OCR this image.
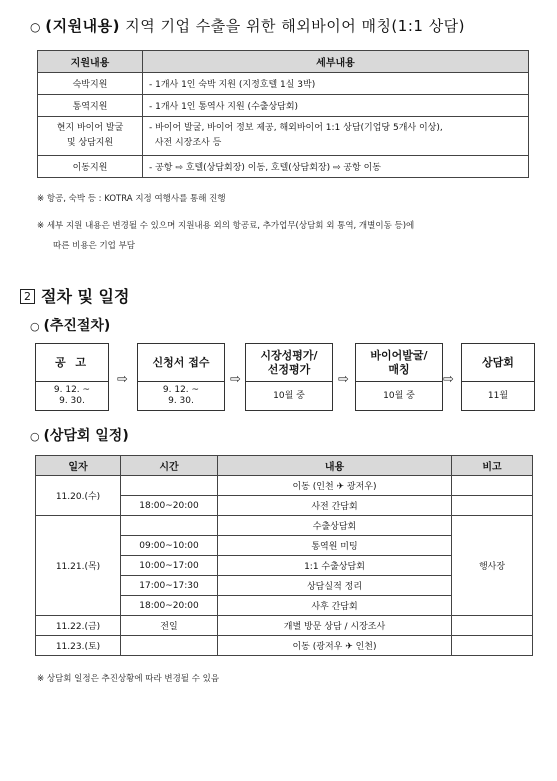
○ (지원내용) 지역 기업 수출을 위한 해외바이어 매칭(1:1 상담)
지원내용	세부내용
숙박지원	- 1개사 1인 숙박 지원 (지정호텔 1실 3박)
통역지원	- 1개사 1인 통역사 지원 (수출상담회)
현지 바이어 발굴
및 상담지원	- 바이어 발굴, 바이어 정보 제공, 해외바이어 1:1 상담(기업당 5개사 이상),
사전 시장조사 등
이동지원	- 공항 ⇨ 호텔(상담회장) 이동, 호텔(상담회장) ⇨ 공항 이동
※ 항공, 숙박 등 : KOTRA 지정 여행사를 통해 진행
※ 세부 지원 내용은 변경될 수 있으며 지원내용 외의 항공료, 추가업무(상담회 외 통역, 개별이동 등)에
따른 비용은 기업 부담
2 절차 및 일정
○ (추진절차)
공 고
9. 12. ~
9. 30.
⇨
신청서 접수
9. 12. ~
9. 30.
⇨
시장성평가/
선정평가
10월 중
⇨
바이어발굴/
매칭
10월 중
⇨
상담회
11월
○ (상담회 일정)
일자	시간	내용	비고
11.20.(수)		이동 (인천 ✈ 광저우)	
	18:00~20:00	사전 간담회	
11.21.(목)		수출상담회	행사장
	09:00~10:00	통역원 미팅	
	10:00~17:00	1:1 수출상담회	
	17:00~17:30	상담실적 정리	
	18:00~20:00	사후 간담회	
11.22.(금)	전일	개별 방문 상담 / 시장조사	
11.23.(토)		이동 (광저우 ✈ 인천)	
※ 상담회 일정은 추진상황에 따라 변경될 수 있음
